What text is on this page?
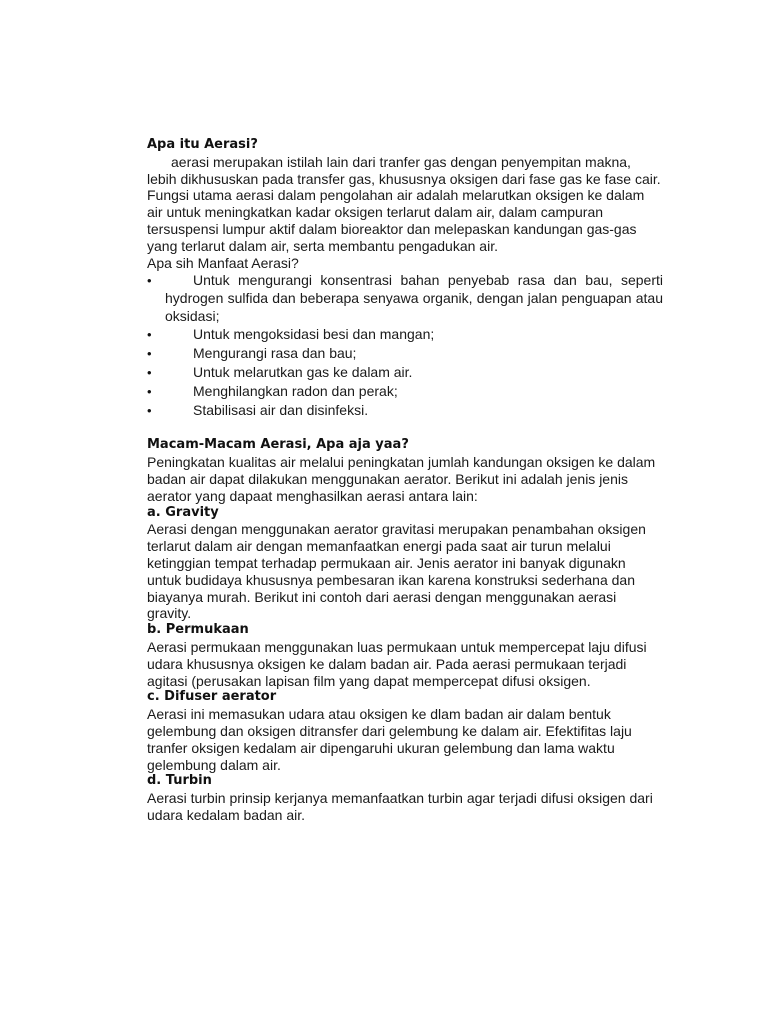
Apa itu Aerasi?

aerasi merupakan istilah lain dari tranfer gas dengan penyempitan makna, lebih dikhususkan pada transfer gas, khususnya oksigen dari fase gas ke fase cair. Fungsi utama aerasi dalam pengolahan air adalah melarutkan oksigen ke dalam air untuk meningkatkan kadar oksigen terlarut dalam air, dalam campuran tersuspensi lumpur aktif dalam bioreaktor dan melepaskan kandungan gas-gas yang terlarut dalam air, serta membantu pengadukan air.

Apa sih Manfaat Aerasi?

•	Untuk mengurangi konsentrasi bahan penyebab rasa dan bau, seperti hydrogen sulfida dan beberapa senyawa organik, dengan jalan penguapan atau oksidasi;
•	Untuk mengoksidasi besi dan mangan;
•	Mengurangi rasa dan bau;
•	Untuk melarutkan gas ke dalam air.
•	Menghilangkan radon dan perak;
•	Stabilisasi air dan disinfeksi.

Macam-Macam Aerasi, Apa aja yaa?

Peningkatan kualitas air melalui peningkatan jumlah kandungan oksigen ke dalam badan air dapat dilakukan menggunakan aerator. Berikut ini adalah jenis jenis aerator yang dapaat menghasilkan aerasi antara lain:

a. Gravity

Aerasi dengan menggunakan aerator gravitasi merupakan penambahan oksigen terlarut dalam air dengan memanfaatkan energi pada saat air turun melalui ketinggian tempat terhadap permukaan air. Jenis aerator ini banyak digunakn untuk budidaya khususnya pembesaran ikan karena konstruksi sederhana dan biayanya murah. Berikut ini contoh dari aerasi dengan menggunakan aerasi gravity.

b. Permukaan

Aerasi permukaan menggunakan luas permukaan untuk mempercepat laju difusi udara khususnya oksigen ke dalam badan air. Pada aerasi permukaan terjadi agitasi (perusakan lapisan film yang dapat mempercepat difusi oksigen.

c. Difuser aerator

Aerasi ini memasukan udara atau oksigen ke dlam badan air dalam bentuk gelembung dan oksigen ditransfer dari gelembung ke dalam air. Efektifitas laju tranfer oksigen kedalam air dipengaruhi ukuran gelembung dan lama waktu gelembung dalam air.

d. Turbin

Aerasi turbin prinsip kerjanya memanfaatkan turbin agar terjadi difusi oksigen dari udara kedalam badan air.
